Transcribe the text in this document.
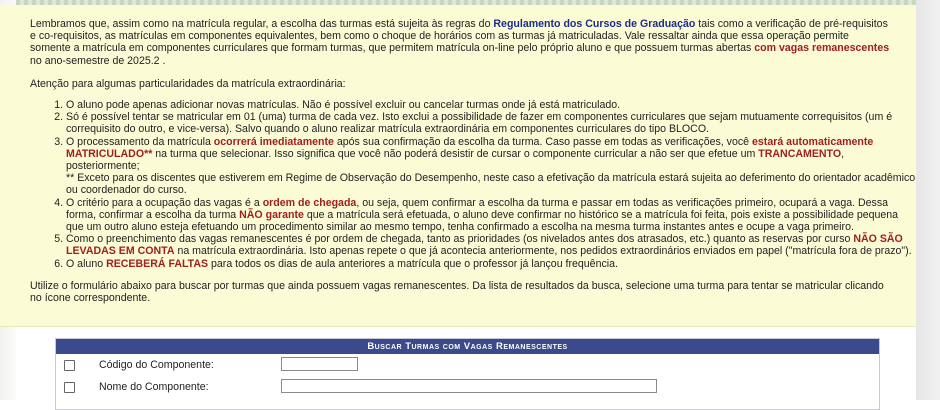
Lembramos que, assim como na matrícula regular, a escolha das turmas está sujeita às regras do Regulamento dos Cursos de Graduação tais como a verificação de pré-requisitos e co-requisitos, as matrículas em componentes equivalentes, bem como o choque de horários com as turmas já matriculadas. Vale ressaltar ainda que essa operação permite somente a matrícula em componentes curriculares que formam turmas, que permitem matrícula on-line pelo próprio aluno e que possuem turmas abertas com vagas remanescentes no ano-semestre de 2025.2 .

Atenção para algumas particularidades da matrícula extraordinária:

1. O aluno pode apenas adicionar novas matrículas. Não é possível excluir ou cancelar turmas onde já está matriculado.
2. Só é possível tentar se matricular em 01 (uma) turma de cada vez. Isto exclui a possibilidade de fazer em componentes curriculares que sejam mutuamente correquisitos (um é correquisito do outro, e vice-versa). Salvo quando o aluno realizar matrícula extraordinária em componentes curriculares do tipo BLOCO.
3. O processamento da matrícula ocorrerá imediatamente após sua confirmação da escolha da turma. Caso passe em todas as verificações, você estará automaticamente MATRICULADO** na turma que selecionar. Isso significa que você não poderá desistir de cursar o componente curricular a não ser que efetue um TRANCAMENTO, posteriormente;
** Exceto para os discentes que estiverem em Regime de Observação do Desempenho, neste caso a efetivação da matrícula estará sujeita ao deferimento do orientador acadêmico ou coordenador do curso.
4. O critério para a ocupação das vagas é a ordem de chegada, ou seja, quem confirmar a escolha da turma e passar em todas as verificações primeiro, ocupará a vaga. Dessa forma, confirmar a escolha da turma NÃO garante que a matrícula será efetuada, o aluno deve confirmar no histórico se a matrícula foi feita, pois existe a possibilidade pequena que um outro aluno esteja efetuando um procedimento similar ao mesmo tempo, tenha confirmado a escolha na mesma turma instantes antes e ocupe a vaga primeiro.
5. Como o preenchimento das vagas remanescentes é por ordem de chegada, tanto as prioridades (os nivelados antes dos atrasados, etc.) quanto as reservas por curso NÃO SÃO LEVADAS EM CONTA na matrícula extraordinária. Isto apenas repete o que já acontecia anteriormente, nos pedidos extraordinários enviados em papel ("matrícula fora de prazo").
6. O aluno RECEBERÁ FALTAS para todos os dias de aula anteriores a matrícula que o professor já lançou frequência.

Utilize o formulário abaixo para buscar por turmas que ainda possuem vagas remanescentes. Da lista de resultados da busca, selecione uma turma para tentar se matricular clicando no ícone correspondente.

Buscar Turmas com Vagas Remanescentes
Código do Componente:
Nome do Componente:
